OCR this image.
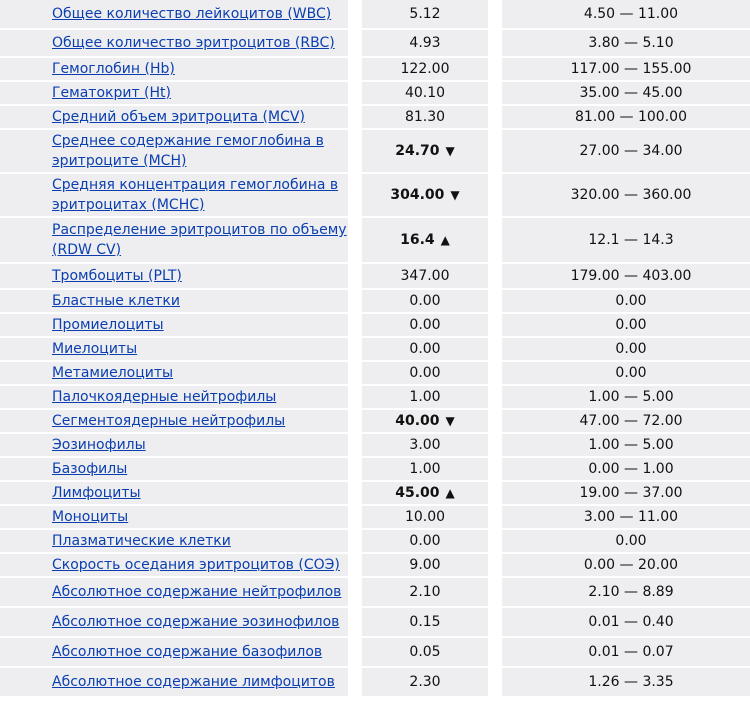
Общее количество лейкоцитов (WBC)		5.12		4.50 — 11.00		
Общее количество эритроцитов (RBC)		4.93		3.80 — 5.10		
Гемоглобин (Hb)		122.00		117.00 — 155.00		
Гематокрит (Ht)		40.10		35.00 — 45.00		
Средний объем эритроцита (MCV)		81.30		81.00 — 100.00		
Среднее содержание гемоглобина в эритроците (MCH)		24.70 ▼		27.00 — 34.00		
Средняя концентрация гемоглобина в эритроцитах (MCHC)		304.00 ▼		320.00 — 360.00		
Распределение эритроцитов по объему (RDW CV)		16.4 ▲		12.1 — 14.3		
Тромбоциты (PLT)		347.00		179.00 — 403.00		
Бластные клетки		0.00		0.00		
Промиелоциты		0.00		0.00		
Миелоциты		0.00		0.00		
Метамиелоциты		0.00		0.00		
Палочкоядерные нейтрофилы		1.00		1.00 — 5.00		
Сегментоядерные нейтрофилы		40.00 ▼		47.00 — 72.00		
Эозинофилы		3.00		1.00 — 5.00		
Базофилы		1.00		0.00 — 1.00		
Лимфоциты		45.00 ▲		19.00 — 37.00		
Моноциты		10.00		3.00 — 11.00		
Плазматические клетки		0.00		0.00		
Скорость оседания эритроцитов (СОЭ)		9.00		0.00 — 20.00		
Абсолютное содержание нейтрофилов		2.10		2.10 — 8.89		
Абсолютное содержание эозинофилов		0.15		0.01 — 0.40		
Абсолютное содержание базофилов		0.05		0.01 — 0.07		
Абсолютное содержание лимфоцитов		2.30		1.26 — 3.35		
